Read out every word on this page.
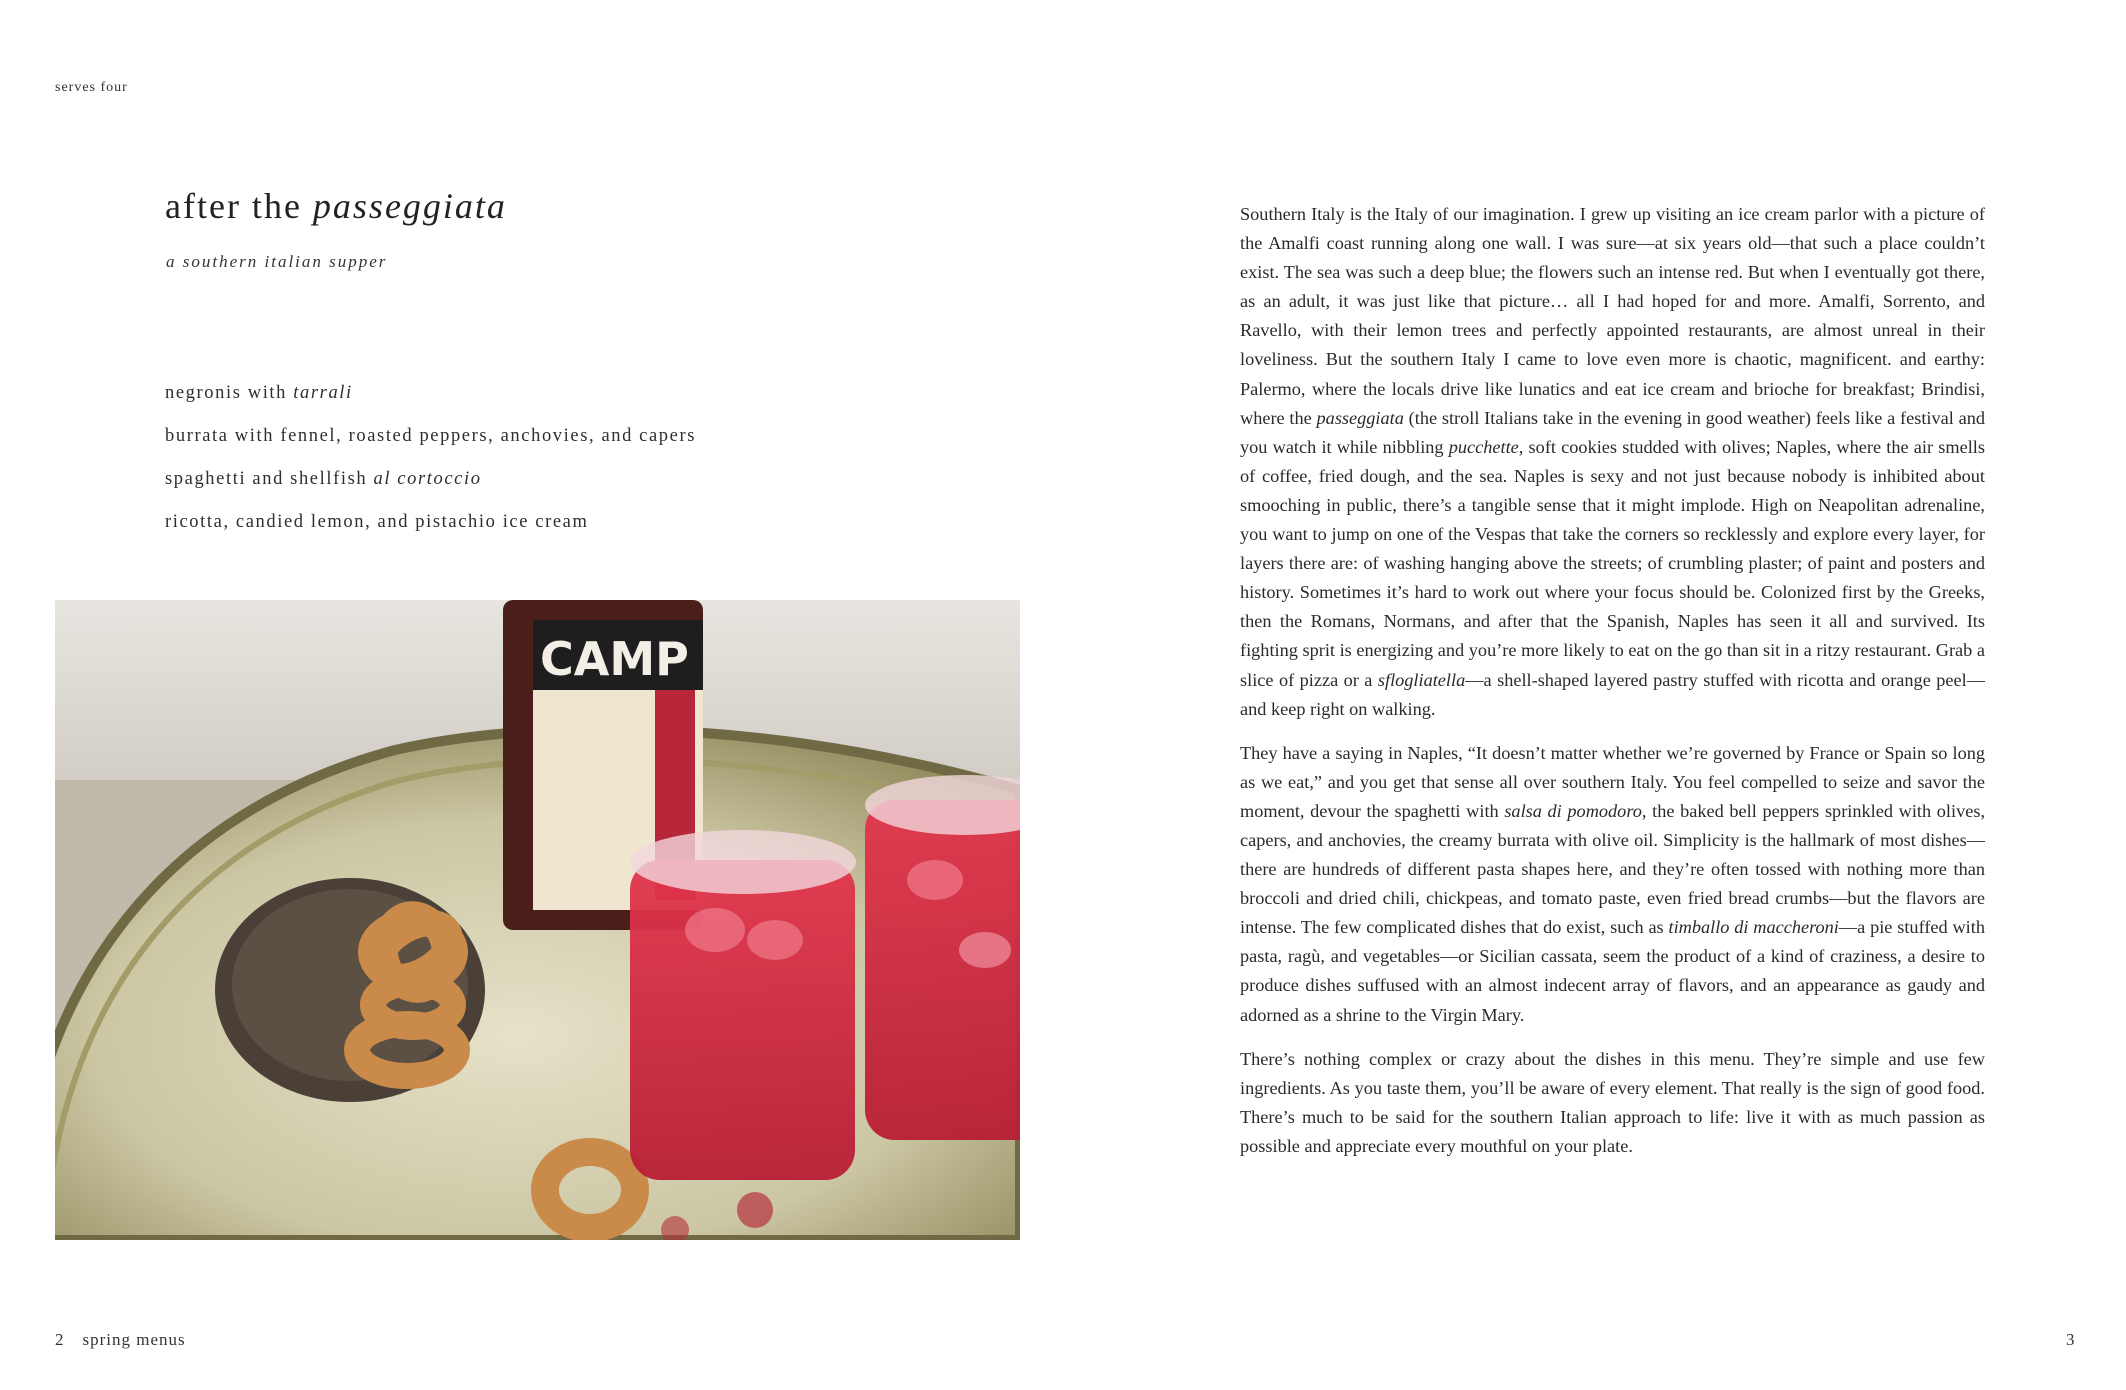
serves four
after the passeggiata
a southern italian supper
negronis with tarrali
burrata with fennel, roasted peppers, anchovies, and capers
spaghetti and shellfish al cortoccio
ricotta, candied lemon, and pistachio ice cream
CAMP

Southern Italy is the Italy of our imagination. I grew up visiting an ice cream parlor with a picture of the Amalfi coast running along one wall. I was sure—at six years old—that such a place couldn’t exist. The sea was such a deep blue; the flowers such an intense red. But when I eventually got there, as an adult, it was just like that picture… all I had hoped for and more. Amalfi, Sorrento, and Ravello, with their lemon trees and perfectly appointed restaurants, are almost unreal in their loveliness. But the southern Italy I came to love even more is chaotic, magnificent. and earthy: Palermo, where the locals drive like lunatics and eat ice cream and brioche for breakfast; Brindisi, where the passeggiata (the stroll Italians take in the evening in good weather) feels like a festival and you watch it while nibbling pucchette, soft cookies studded with olives; Naples, where the air smells of coffee, fried dough, and the sea. Naples is sexy and not just because nobody is inhibited about smooching in public, there’s a tangible sense that it might implode. High on Neapolitan adrenaline, you want to jump on one of the Vespas that take the corners so recklessly and explore every layer, for layers there are: of washing hanging above the streets; of crumbling plaster; of paint and posters and history. Sometimes it’s hard to work out where your focus should be. Colonized first by the Greeks, then the Romans, Normans, and after that the Spanish, Naples has seen it all and survived. Its fighting sprit is energizing and you’re more likely to eat on the go than sit in a ritzy restaurant. Grab a slice of pizza or a sflogliatella—a shell-shaped layered pastry stuffed with ricotta and orange peel—and keep right on walking.

They have a saying in Naples, “It doesn’t matter whether we’re governed by France or Spain so long as we eat,” and you get that sense all over southern Italy. You feel compelled to seize and savor the moment, devour the spaghetti with salsa di pomodoro, the baked bell peppers sprinkled with olives, capers, and anchovies, the creamy burrata with olive oil. Simplicity is the hallmark of most dishes—there are hundreds of different pasta shapes here, and they’re often tossed with nothing more than broccoli and dried chili, chickpeas, and tomato paste, even fried bread crumbs—but the flavors are intense. The few complicated dishes that do exist, such as timballo di maccheroni—a pie stuffed with pasta, ragù, and vegetables—or Sicilian cassata, seem the product of a kind of craziness, a desire to produce dishes suffused with an almost indecent array of flavors, and an appearance as gaudy and adorned as a shrine to the Virgin Mary.

There’s nothing complex or crazy about the dishes in this menu. They’re simple and use few ingredients. As you taste them, you’ll be aware of every element. That really is the sign of good food. There’s much to be said for the southern Italian approach to life: live it with as much passion as possible and appreciate every mouthful on your plate.

2 spring menus	3
